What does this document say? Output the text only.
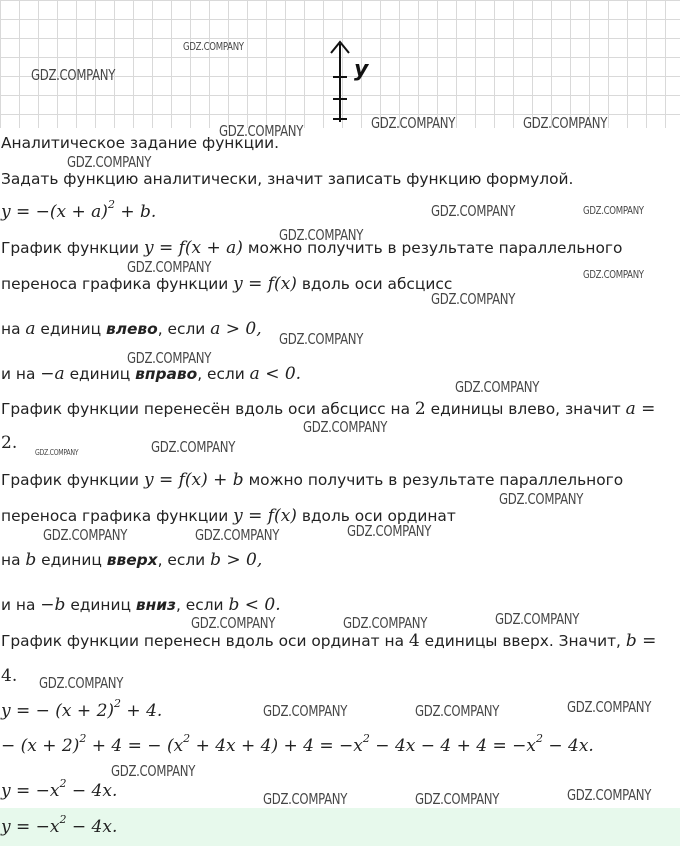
y
Аналитическое задание функции.
Задать функцию аналитически, значит записать функцию формулой.
$y = -(x + a)^2 + b$.
График функции y = f(x + a) можно получить в результате параллельного
переноса графика функции y = f(x) вдоль оси абсцисс
на a единиц влево, если a > 0,
и на −a единиц вправо, если a < 0.
График функции перенесён вдоль оси абсцисс на 2 единицы влево, значит a =
2.
График функции y = f(x) + b можно получить в результате параллельного
переноса графика функции y = f(x) вдоль оси ординат
на b единиц вверх, если b > 0,
и на −b единиц вниз, если b < 0.
График функции перенесн вдоль оси ординат на 4 единицы вверх. Значит, b =
4.
y = − $(x + 2)^2 + 4$.
− $(x + 2)^2 + 4$ = − $(x^2 + 4x + 4) + 4 = -x^2 - 4x - 4 + 4 = -x^2 - 4x$.
$y = -x^2 - 4x$.
$y = -x^2 - 4x$.
GDZ.COMPANY
GDZ.COMPANY
GDZ.COMPANY	GDZ.COMPANY	GDZ.COMPANY
GDZ.COMPANY
GDZ.COMPANY	GDZ.COMPANY
GDZ.COMPANY
GDZ.COMPANY	GDZ.COMPANY
GDZ.COMPANY
GDZ.COMPANY
GDZ.COMPANY
GDZ.COMPANY
GDZ.COMPANY
GDZ.COMPANY	GDZ.COMPANY
GDZ.COMPANY
GDZ.COMPANY
GDZ.COMPANY	GDZ.COMPANY
GDZ.COMPANY
GDZ.COMPANY	GDZ.COMPANY
GDZ.COMPANY
GDZ.COMPANY
GDZ.COMPANY	GDZ.COMPANY
GDZ.COMPANY
GDZ.COMPANY
GDZ.COMPANY	GDZ.COMPANY
